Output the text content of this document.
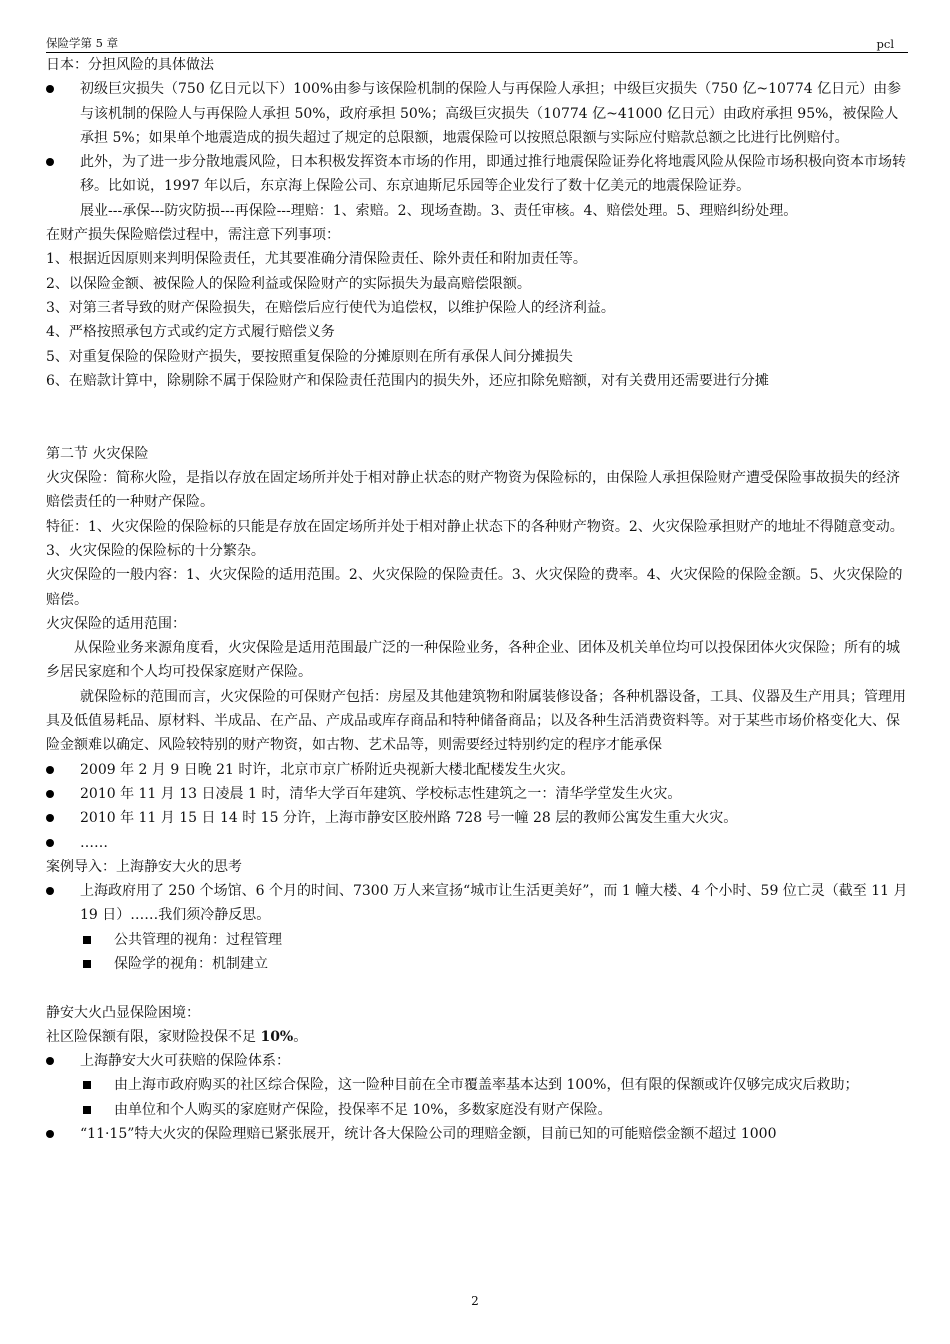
保险学第 5 章	pcl

日本：分担风险的具体做法

初级巨灾损失（750 亿日元以下）100%由参与该保险机制的保险人与再保险人承担；中级巨灾损失（750 亿~10774 亿日元）由参与该机制的保险人与再保险人承担 50%，政府承担 50%；高级巨灾损失（10774 亿~41000 亿日元）由政府承担 95%，被保险人承担 5%；如果单个地震造成的损失超过了规定的总限额，地震保险可以按照总限额与实际应付赔款总额之比进行比例赔付。
此外，为了进一步分散地震风险，日本积极发挥资本市场的作用，即通过推行地震保险证券化将地震风险从保险市场积极向资本市场转移。比如说，1997 年以后，东京海上保险公司、东京迪斯尼乐园等企业发行了数十亿美元的地震保险证券。

展业---承保---防灾防损---再保险---理赔：1、索赔。2、现场查勘。3、责任审核。4、赔偿处理。5、理赔纠纷处理。

在财产损失保险赔偿过程中，需注意下列事项：

1、根据近因原则来判明保险责任，尤其要准确分清保险责任、除外责任和附加责任等。

2、以保险金额、被保险人的保险利益或保险财产的实际损失为最高赔偿限额。

3、对第三者导致的财产保险损失，在赔偿后应行使代为追偿权，以维护保险人的经济利益。

4、严格按照承包方式或约定方式履行赔偿义务

5、对重复保险的保险财产损失，要按照重复保险的分摊原则在所有承保人间分摊损失

6、在赔款计算中，除剔除不属于保险财产和保险责任范围内的损失外，还应扣除免赔额，对有关费用还需要进行分摊

第二节 火灾保险

火灾保险：简称火险，是指以存放在固定场所并处于相对静止状态的财产物资为保险标的，由保险人承担保险财产遭受保险事故损失的经济赔偿责任的一种财产保险。

特征：1、火灾保险的保险标的只能是存放在固定场所并处于相对静止状态下的各种财产物资。2、火灾保险承担财产的地址不得随意变动。3、火灾保险的保险标的十分繁杂。

火灾保险的一般内容：1、火灾保险的适用范围。2、火灾保险的保险责任。3、火灾保险的费率。4、火灾保险的保险金额。5、火灾保险的赔偿。

火灾保险的适用范围：

从保险业务来源角度看，火灾保险是适用范围最广泛的一种保险业务，各种企业、团体及机关单位均可以投保团体火灾保险；所有的城乡居民家庭和个人均可投保家庭财产保险。

就保险标的范围而言，火灾保险的可保财产包括：房屋及其他建筑物和附属装修设备；各种机器设备，工具、仪器及生产用具；管理用具及低值易耗品、原材料、半成品、在产品、产成品或库存商品和特种储备商品；以及各种生活消费资料等。对于某些市场价格变化大、保险金额难以确定、风险较特别的财产物资，如古物、艺术品等，则需要经过特别约定的程序才能承保

2009 年 2 月 9 日晚 21 时许，北京市京广桥附近央视新大楼北配楼发生火灾。
2010 年 11 月 13 日凌晨 1 时，清华大学百年建筑、学校标志性建筑之一：清华学堂发生火灾。
2010 年 11 月 15 日 14 时 15 分许，上海市静安区胶州路 728 号一幢 28 层的教师公寓发生重大火灾。
……

案例导入：上海静安大火的思考

上海政府用了 250 个场馆、6 个月的时间、7300 万人来宣扬“城市让生活更美好”，而 1 幢大楼、4 个小时、59 位亡灵（截至 11 月 19 日）……我们须冷静反思。
公共管理的视角：过程管理
保险学的视角：机制建立

静安大火凸显保险困境：

社区险保额有限，家财险投保不足 10%。

上海静安大火可获赔的保险体系：
由上海市政府购买的社区综合保险，这一险种目前在全市覆盖率基本达到 100%，但有限的保额或许仅够完成灾后救助；
由单位和个人购买的家庭财产保险，投保率不足 10%，多数家庭没有财产保险。
“11·15”特大火灾的保险理赔已紧张展开，统计各大保险公司的理赔金额，目前已知的可能赔偿金额不超过 1000
2
